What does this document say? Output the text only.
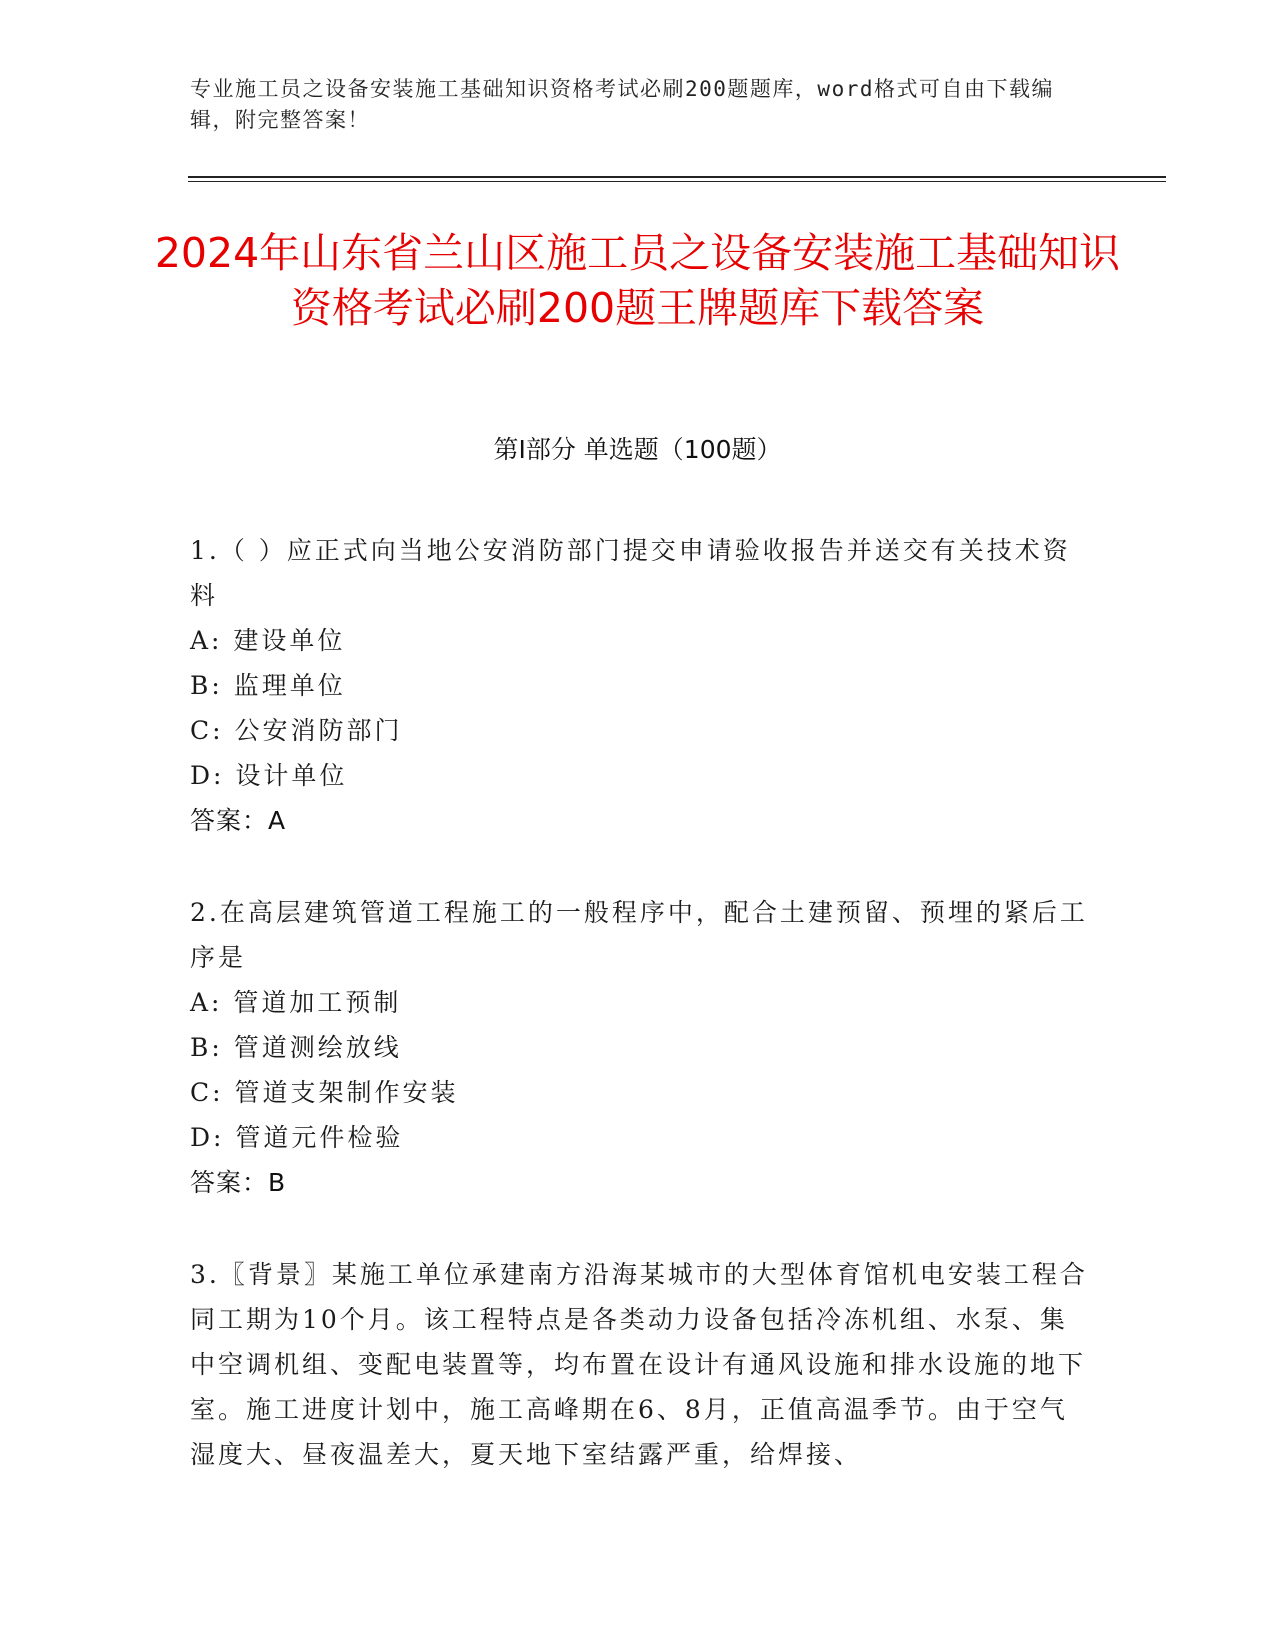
专业施工员之设备安装施工基础知识资格考试必刷200题题库，word格式可自由下载编辑，附完整答案！
2024年山东省兰山区施工员之设备安装施工基础知识资格考试必刷200题王牌题库下载答案
第I部分 单选题（100题）
1.（ ）应正式向当地公安消防部门提交申请验收报告并送交有关技术资料
A: 建设单位
B: 监理单位
C: 公安消防部门
D: 设计单位
答案：A
2.在高层建筑管道工程施工的一般程序中，配合土建预留、预埋的紧后工序是
A: 管道加工预制
B: 管道测绘放线
C: 管道支架制作安装
D: 管道元件检验
答案：B
3.〖背景〗某施工单位承建南方沿海某城市的大型体育馆机电安装工程合同工期为10个月。该工程特点是各类动力设备包括冷冻机组、水泵、集中空调机组、变配电装置等，均布置在设计有通风设施和排水设施的地下室。施工进度计划中，施工高峰期在6、8月，正值高温季节。由于空气湿度大、昼夜温差大，夏天地下室结露严重，给焊接、
